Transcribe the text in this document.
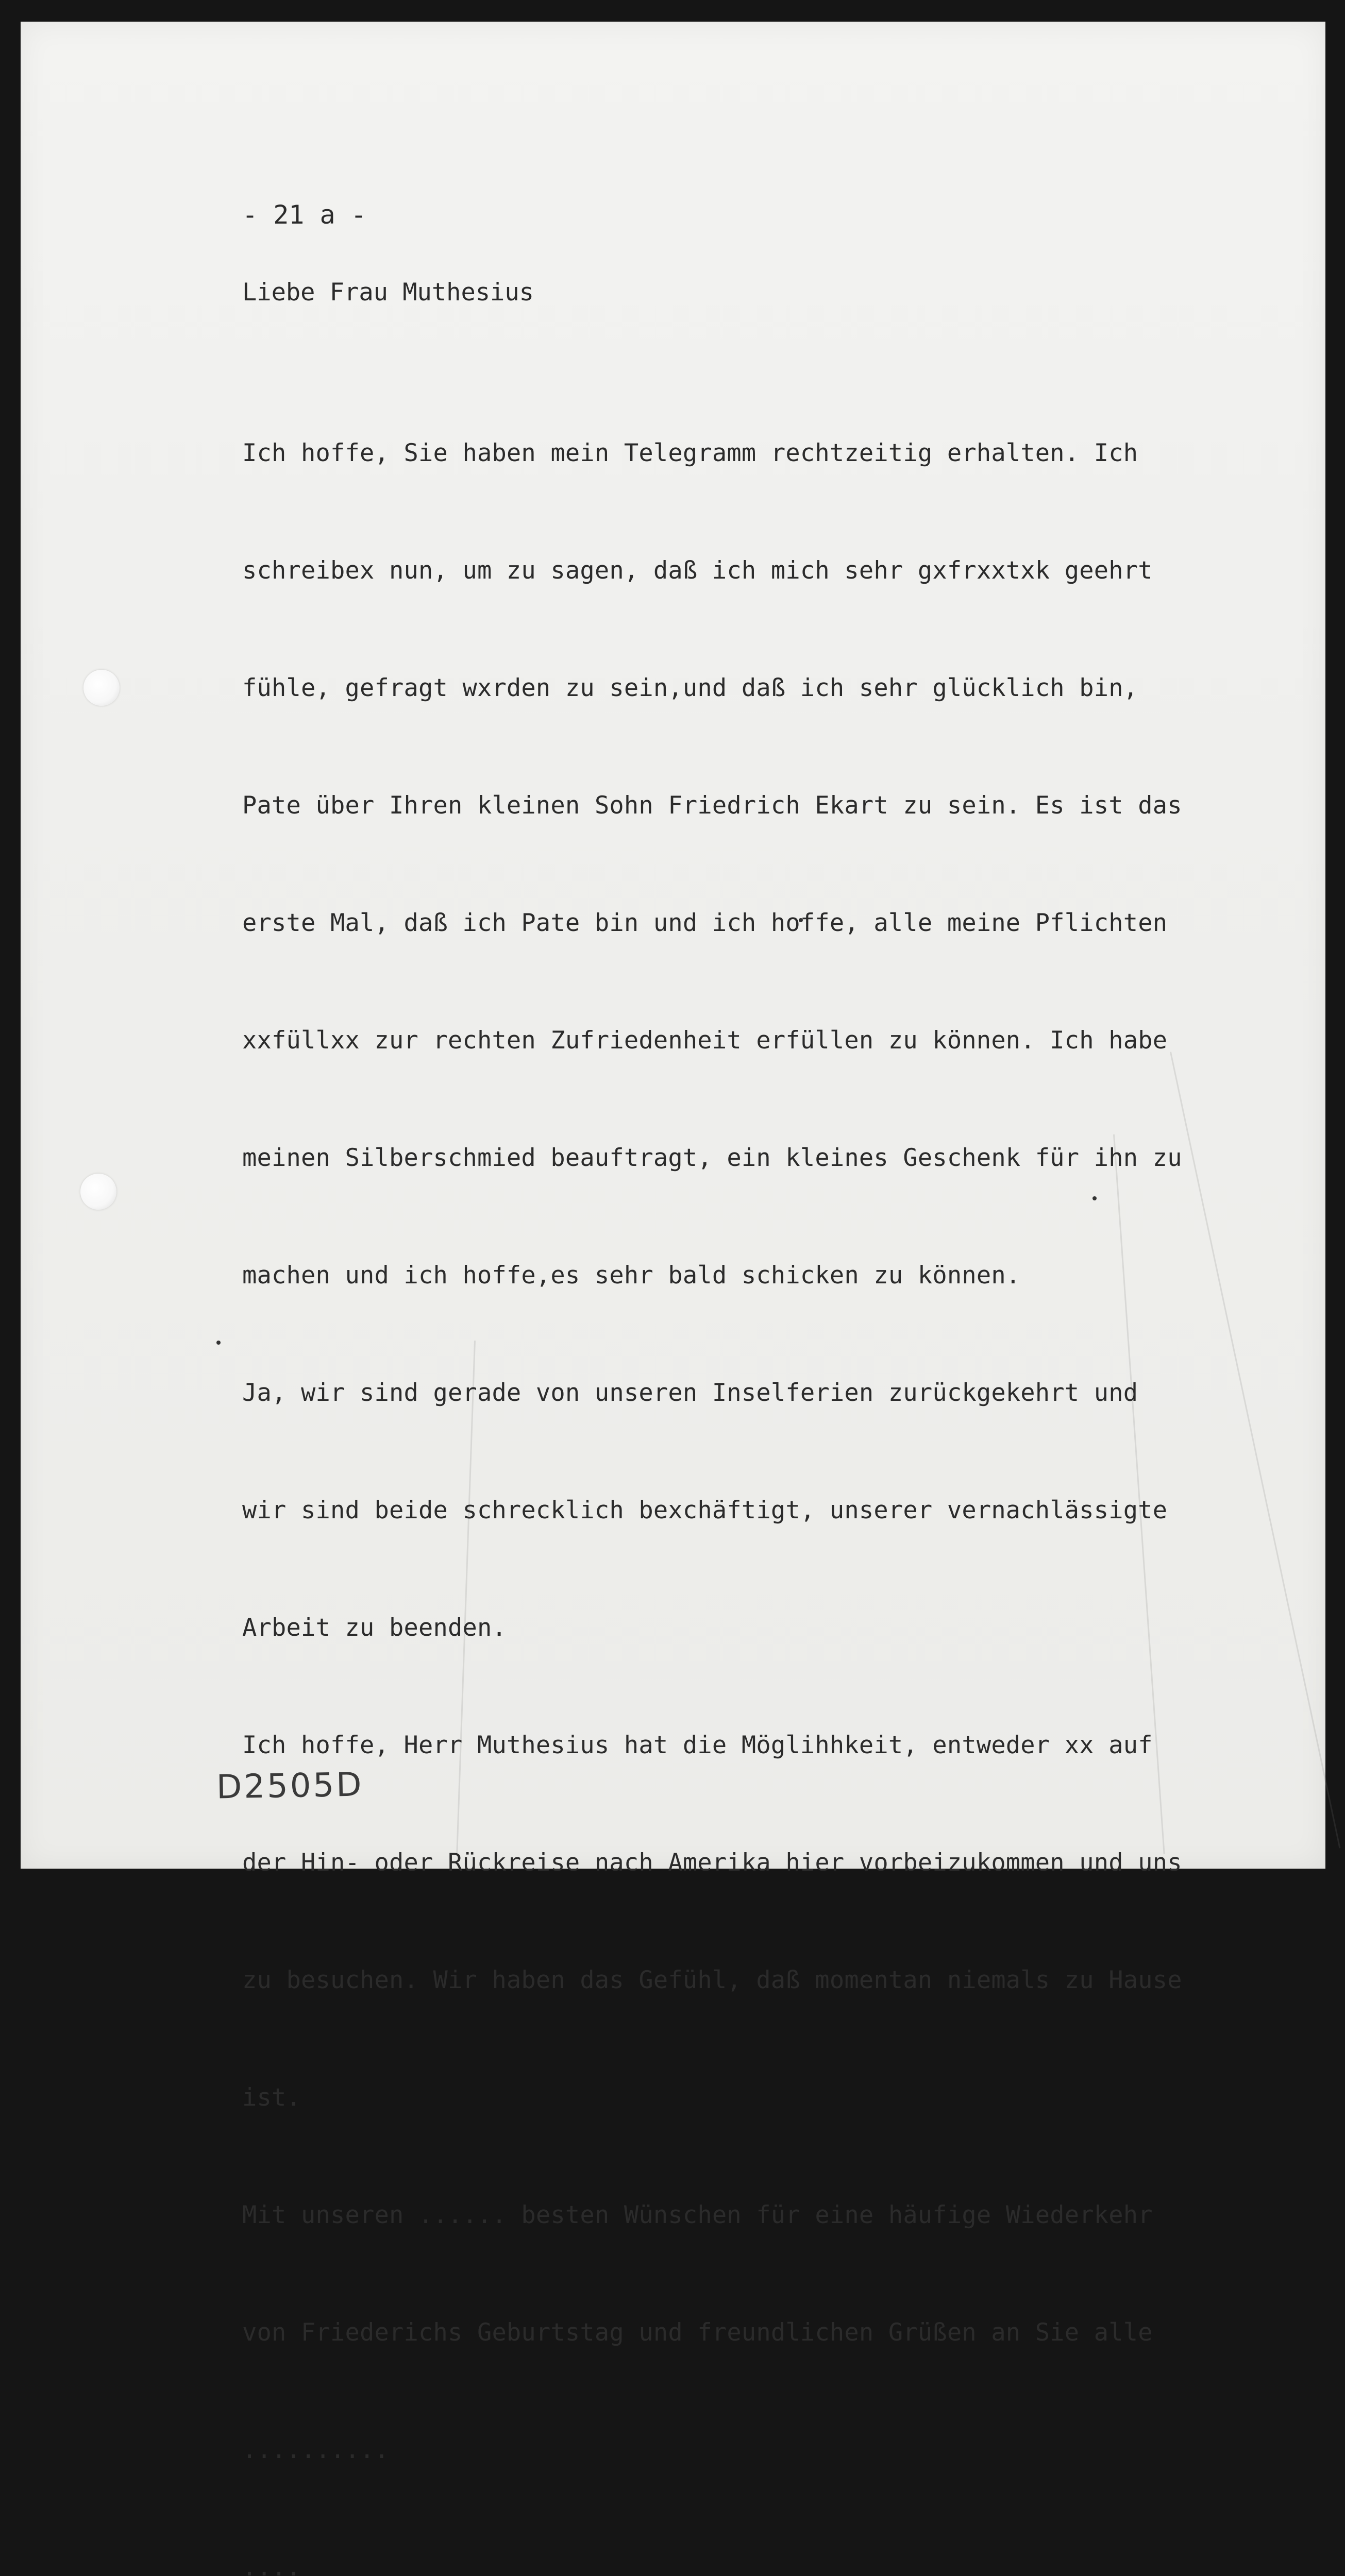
- 21 a -
Liebe Frau Muthesius

Ich hoffe, Sie haben mein Telegramm rechtzeitig erhalten. Ich

schreibex nun, um zu sagen, daß ich mich sehr gxfrxxtxk geehrt

fühle, gefragt wxrden zu sein,und daß ich sehr glücklich bin,

Pate über Ihren kleinen Sohn Friedrich Ekart zu sein. Es ist das

erste Mal, daß ich Pate bin und ich hoffe, alle meine Pflichten

xxfüllxx zur rechten Zufriedenheit erfüllen zu können. Ich habe

meinen Silberschmied beauftragt, ein kleines Geschenk für ihn zu

machen und ich hoffe,es sehr bald schicken zu können.

Ja, wir sind gerade von unseren Inselferien zurückgekehrt und

wir sind beide schrecklich bexchäftigt, unserer vernachlässigte

Arbeit zu beenden.

Ich hoffe, Herr Muthesius hat die Möglihhkeit, entweder xx auf

der Hin- oder Rückreise nach Amerika hier vorbeizukommen und uns

zu besuchen. Wir haben das Gefühl, daß momentan niemals zu Hause

ist.

Mit unseren ...... besten Wünschen für eine häufige Wiederkehr

von Friederichs Geburtstag und freundlichen Grüßen an Sie alle

..........

....

D2505D
